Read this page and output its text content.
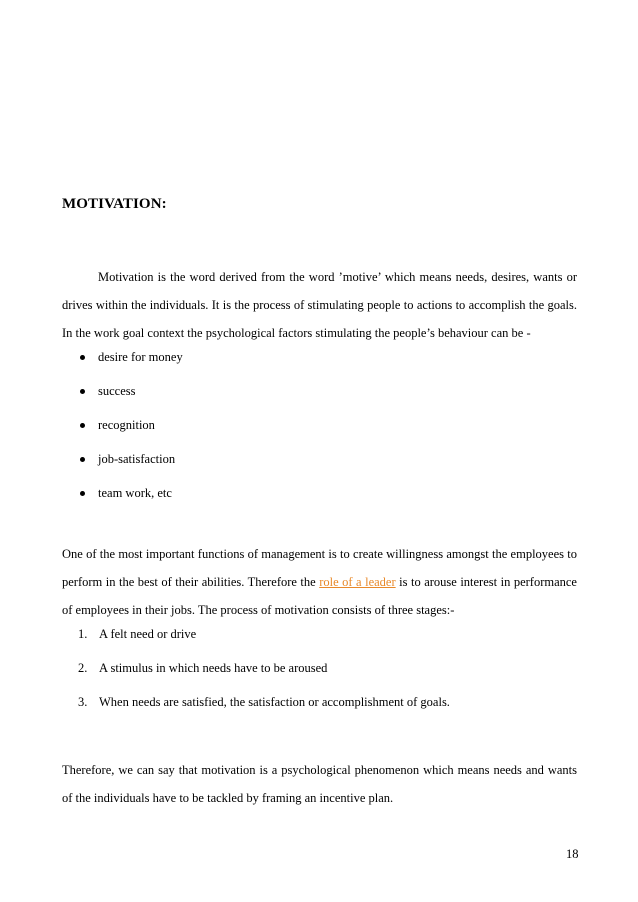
MOTIVATION:

Motivation is the word derived from the word ’motive’ which means needs, desires, wants or drives within the individuals. It is the process of stimulating people to actions to accomplish the goals. In the work goal context the psychological factors stimulating the people’s behaviour can be -

desire for money
success
recognition
job-satisfaction
team work, etc

One of the most important functions of management is to create willingness amongst the employees to perform in the best of their abilities. Therefore the role of a leader is to arouse interest in performance of employees in their jobs. The process of motivation consists of three stages:-

1. A felt need or drive
2. A stimulus in which needs have to be aroused
3. When needs are satisfied, the satisfaction or accomplishment of goals.

Therefore, we can say that motivation is a psychological phenomenon which means needs and wants of the individuals have to be tackled by framing an incentive plan.

18
